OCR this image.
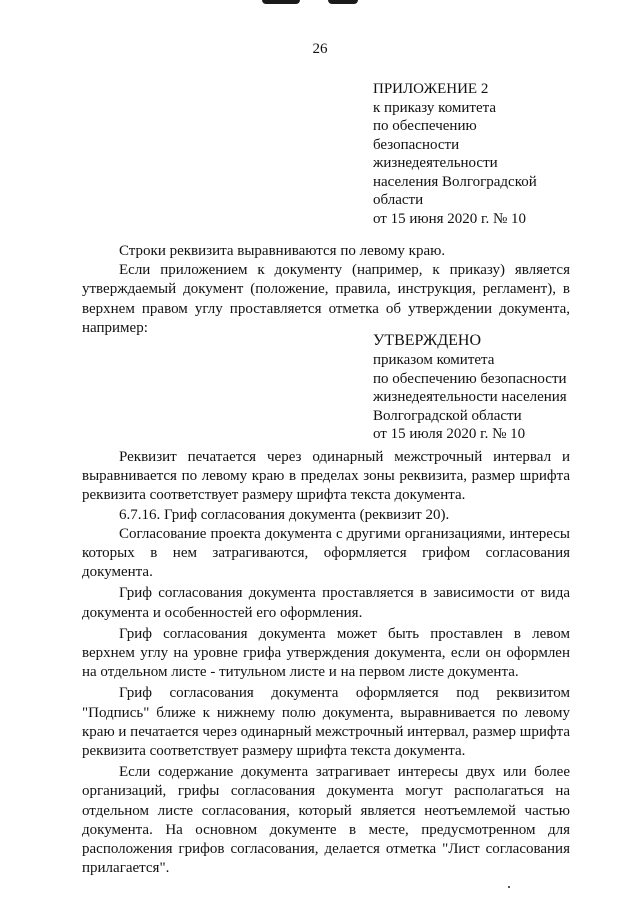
26
ПРИЛОЖЕНИЕ 2
к приказу комитета
по обеспечению
безопасности
жизнедеятельности
населения Волгоградской
области
от 15 июня 2020 г. № 10

Строки реквизита выравниваются по левому краю.

Если приложением к документу (например, к приказу) является утверждаемый документ (положение, правила, инструкция, регламент), в верхнем правом углу проставляется отметка об утверждении документа, например:

УТВЕРЖДЕНО
приказом комитета
по обеспечению безопасности
жизнедеятельности населения
Волгоградской области
от 15 июля 2020 г. № 10

Реквизит печатается через одинарный межстрочный интервал и выравнивается по левому краю в пределах зоны реквизита, размер шрифта реквизита соответствует размеру шрифта текста документа.

6.7.16. Гриф согласования документа (реквизит 20).

Согласование проекта документа с другими организациями, интересы которых в нем затрагиваются, оформляется грифом согласования документа.

Гриф согласования документа проставляется в зависимости от вида документа и особенностей его оформления.

Гриф согласования документа может быть проставлен в левом верхнем углу на уровне грифа утверждения документа, если он оформлен на отдельном листе - титульном листе и на первом листе документа.

Гриф согласования документа оформляется под реквизитом "Подпись" ближе к нижнему полю документа, выравнивается по левому краю и печатается через одинарный межстрочный интервал, размер шрифта реквизита соответствует размеру шрифта текста документа.

Если содержание документа затрагивает интересы двух или более организаций, грифы согласования документа могут располагаться на отдельном листе согласования, который является неотъемлемой частью документа. На основном документе в месте, предусмотренном для расположения грифов согласования, делается отметка "Лист согласования прилагается".
